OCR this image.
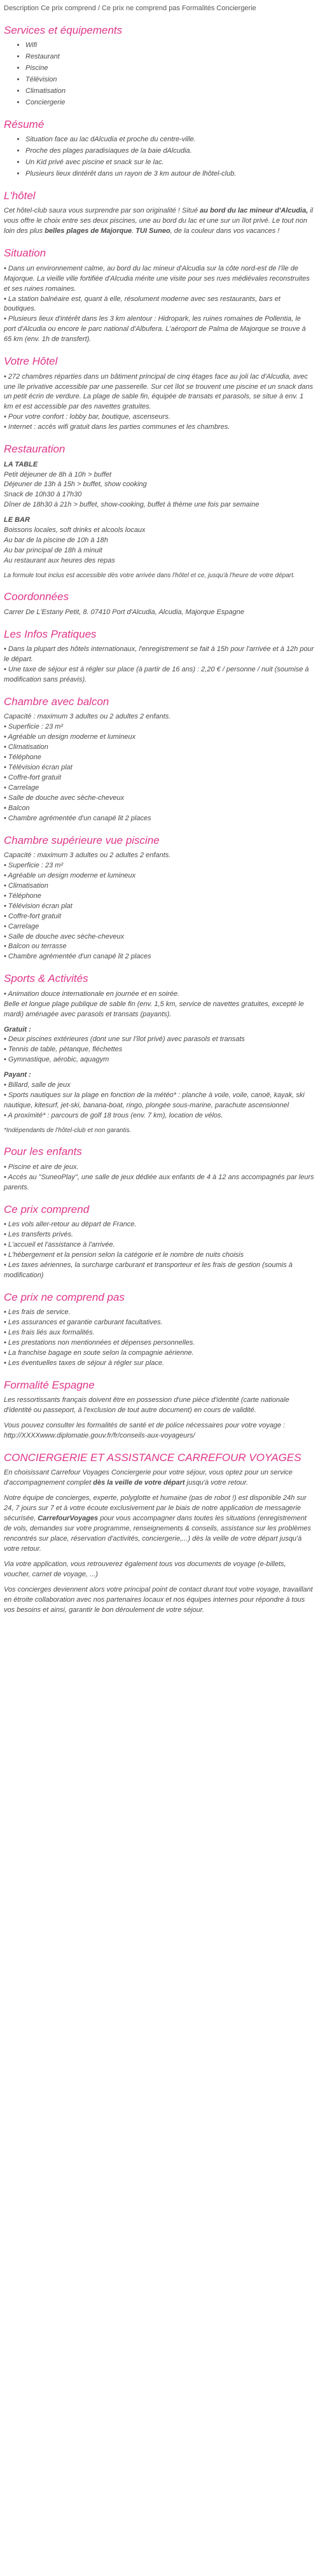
Description Ce prix comprend / Ce prix ne comprend pas Formalités Conciergerie
Services et équipements
• Wifi
• Restaurant
• Piscine
• Télévision
• Climatisation
• Conciergerie
Résumé
• Situation face au lac dAlcudia et proche du centre-ville.
• Proche des plages paradisiaques de la baie dAlcudia.
• Un Kid privé avec piscine et snack sur le lac.
• Plusieurs lieux dintérêt dans un rayon de 3 km autour de lhôtel-club.
L'hôtel

Cet hôtel-club saura vous surprendre par son originalité ! Situé au bord du lac mineur d'Alcudia, il vous offre le choix entre ses deux piscines, une au bord du lac et une sur un îlot privé. Le tout non loin des plus belles plages de Majorque. TUI Suneo, de la couleur dans vos vacances !

Situation

• Dans un environnement calme, au bord du lac mineur d'Alcudia sur la côte nord-est de l'île de Majorque. La vieille ville fortifiée d'Alcudia mérite une visite pour ses rues médiévales reconstruites et ses ruines romaines.
• La station balnéaire est, quant à elle, résolument moderne avec ses restaurants, bars et boutiques.
• Plusieurs lieux d'intérêt dans les 3 km alentour : Hidropark, les ruines romaines de Pollentia, le port d'Alcudia ou encore le parc national d'Albufera. L'aéroport de Palma de Majorque se trouve à 65 km (env. 1h de transfert).

Votre Hôtel

• 272 chambres réparties dans un bâtiment principal de cinq étages face au joli lac d'Alcudia, avec une île privative accessible par une passerelle. Sur cet îlot se trouvent une piscine et un snack dans un petit écrin de verdure. La plage de sable fin, équipée de transats et parasols, se situe à env. 1 km et est accessible par des navettes gratuites.
• Pour votre confort : lobby bar, boutique, ascenseurs.
• Internet : accès wifi gratuit dans les parties communes et les chambres.

Restauration

LA TABLE
Petit déjeuner de 8h à 10h > buffet
Déjeuner de 13h à 15h > buffet, show cooking
Snack de 10h30 à 17h30
Dîner de 18h30 à 21h > buffet, show-cooking, buffet à thème une fois par semaine

LE BAR
Boissons locales, soft drinks et alcools locaux
Au bar de la piscine de 10h à 18h
Au bar principal de 18h à minuit
Au restaurant aux heures des repas

La formule tout inclus est accessible dès votre arrivée dans l'hôtel et ce, jusqu'à l'heure de votre départ.

Coordonnées

Carrer De L'Estany Petit, 8. 07410 Port d'Alcudia, Alcudia, Majorque Espagne

Les Infos Pratiques

• Dans la plupart des hôtels internationaux, l'enregistrement se fait à 15h pour l'arrivée et à 12h pour le départ.
• Une taxe de séjour est à régler sur place (à partir de 16 ans) : 2,20 € / personne / nuit (soumise à modification sans préavis).

Chambre avec balcon

Capacité : maximum 3 adultes ou 2 adultes 2 enfants.
• Superficie : 23 m²
• Agréable un design moderne et lumineux
• Climatisation
• Téléphone
• Télévision écran plat
• Coffre-fort gratuit
• Carrelage
• Salle de douche avec sèche-cheveux
• Balcon
• Chambre agrémentée d'un canapé lit 2 places

Chambre supérieure vue piscine

Capacité : maximum 3 adultes ou 2 adultes 2 enfants.
• Superficie : 23 m²
• Agréable un design moderne et lumineux
• Climatisation
• Téléphone
• Télévision écran plat
• Coffre-fort gratuit
• Carrelage
• Salle de douche avec sèche-cheveux
• Balcon ou terrasse
• Chambre agrémentée d'un canapé lit 2 places

Sports & Activités

• Animation douce internationale en journée et en soirée.
Belle et longue plage publique de sable fin (env. 1,5 km, service de navettes gratuites, excepté le mardi) aménagée avec parasols et transats (payants).

Gratuit :
• Deux piscines extérieures (dont une sur l'îlot privé) avec parasols et transats
• Tennis de table, pétanque, fléchettes
• Gymnastique, aérobic, aquagym

Payant :
• Billard, salle de jeux
• Sports nautiques sur la plage en fonction de la météo* : planche à voile, voile, canoë, kayak, ski nautique, kitesurf, jet-ski, banana-boat, ringo, plongée sous-marine, parachute ascensionnel
• A proximité* : parcours de golf 18 trous (env. 7 km), location de vélos.

*Indépendants de l'hôtel-club et non garantis.

Pour les enfants

• Piscine et aire de jeux.
• Accès au "SuneoPlay", une salle de jeux dédiée aux enfants de 4 à 12 ans accompagnés par leurs parents.

Ce prix comprend

• Les vols aller-retour au départ de France.
• Les transferts privés.
• L'accueil et l'assistance à l'arrivée.
• L'hébergement et la pension selon la catégorie et le nombre de nuits choisis
• Les taxes aériennes, la surcharge carburant et transporteur et les frais de gestion (soumis à modification)

Ce prix ne comprend pas

• Les frais de service.
• Les assurances et garantie carburant facultatives.
• Les frais liés aux formalités.
• Les prestations non mentionnées et dépenses personnelles.
• La franchise bagage en soute selon la compagnie aérienne.
• Les éventuelles taxes de séjour à régler sur place.

Formalité Espagne

Les ressortissants français doivent être en possession d'une pièce d'identité (carte nationale d'identité ou passeport, à l'exclusion de tout autre document) en cours de validité.

Vous pouvez consulter les formalités de santé et de police nécessaires pour votre voyage : http://XXXXwww.diplomatie.gouv.fr/fr/conseils-aux-voyageurs/

CONCIERGERIE ET ASSISTANCE CARREFOUR VOYAGES

En choisissant Carrefour Voyages Conciergerie pour votre séjour, vous optez pour un service d'accompagnement complet dès la veille de votre départ jusqu'à votre retour.

Notre équipe de concierges, experte, polyglotte et humaine (pas de robot !) est disponible 24h sur 24, 7 jours sur 7 et à votre écoute exclusivement par le biais de notre application de messagerie sécurisée, CarrefourVoyages pour vous accompagner dans toutes les situations (enregistrement de vols, demandes sur votre programme, renseignements & conseils, assistance sur les problèmes rencontrés sur place, réservation d'activités, conciergerie,...) dès la veille de votre départ jusqu'à votre retour.

Via votre application, vous retrouverez également tous vos documents de voyage (e-billets, voucher, carnet de voyage, ...)

Vos concierges deviennent alors votre principal point de contact durant tout votre voyage, travaillant en étroite collaboration avec nos partenaires locaux et nos équipes internes pour répondre à tous vos besoins et ainsi, garantir le bon déroulement de votre séjour.
